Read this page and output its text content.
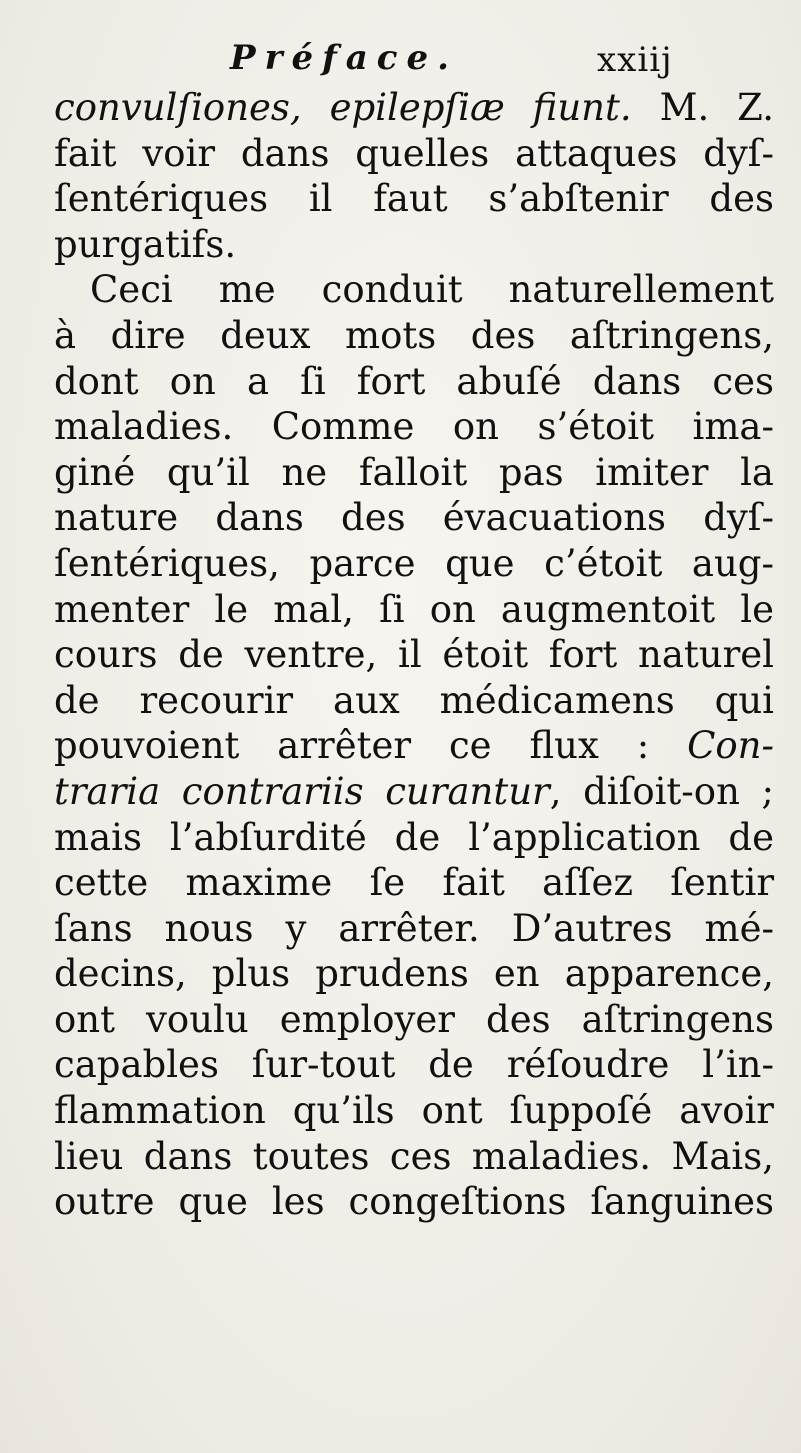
Préface.	xxiij
convulſiones, epilepſiæ fiunt. M. Z.
fait voir dans quelles attaques dyſ-
ſentériques il faut s’abſtenir des
purgatifs.
Ceci me conduit naturellement
à dire deux mots des aſtringens,
dont on a ſi fort abuſé dans ces
maladies. Comme on s’étoit ima-
giné qu’il ne falloit pas imiter la
nature dans des évacuations dyſ-
ſentériques, parce que c’étoit aug-
menter le mal, ſi on augmentoit le
cours de ventre, il étoit fort naturel
de recourir aux médicamens qui
pouvoient arrêter ce flux : Con-
traria contrariis curantur, diſoit-on ;
mais l’abſurdité de l’application de
cette maxime ſe fait aſſez ſentir
ſans nous y arrêter. D’autres mé-
decins, plus prudens en apparence,
ont voulu employer des aſtringens
capables ſur-tout de réſoudre l’in-
flammation qu’ils ont ſuppoſé avoir
lieu dans toutes ces maladies. Mais,
outre que les congeſtions ſanguines
